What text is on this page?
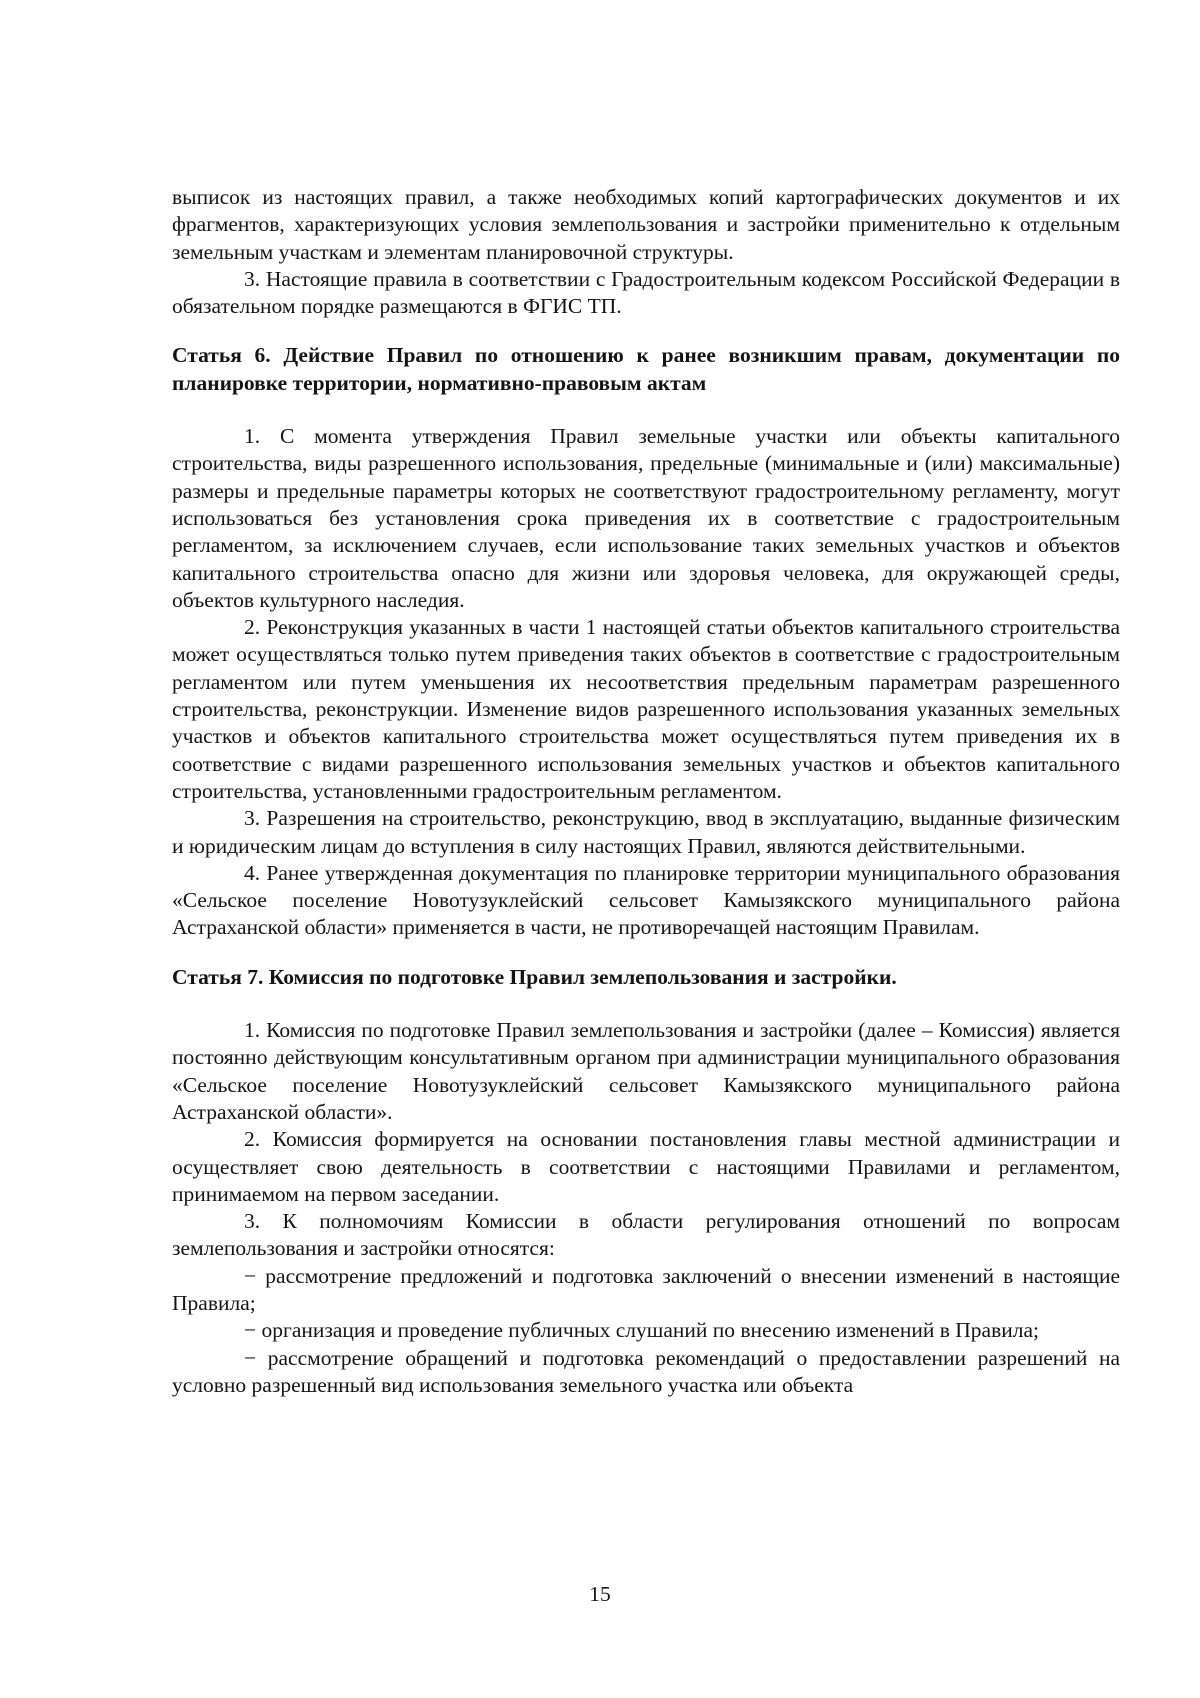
выписок из настоящих правил, а также необходимых копий картографических документов и их фрагментов, характеризующих условия землепользования и застройки применительно к отдельным земельным участкам и элементам планировочной структуры.

3. Настоящие правила в соответствии с Градостроительным кодексом Российской Федерации в обязательном порядке размещаются в ФГИС ТП.

Статья 6. Действие Правил по отношению к ранее возникшим правам, документации по планировке территории, нормативно-правовым актам

1. С момента утверждения Правил земельные участки или объекты капитального строительства, виды разрешенного использования, предельные (минимальные и (или) максимальные) размеры и предельные параметры которых не соответствуют градостроительному регламенту, могут использоваться без установления срока приведения их в соответствие с градостроительным регламентом, за исключением случаев, если использование таких земельных участков и объектов капитального строительства опасно для жизни или здоровья человека, для окружающей среды, объектов культурного наследия.

2. Реконструкция указанных в части 1 настоящей статьи объектов капитального строительства может осуществляться только путем приведения таких объектов в соответствие с градостроительным регламентом или путем уменьшения их несоответствия предельным параметрам разрешенного строительства, реконструкции. Изменение видов разрешенного использования указанных земельных участков и объектов капитального строительства может осуществляться путем приведения их в соответствие с видами разрешенного использования земельных участков и объектов капитального строительства, установленными градостроительным регламентом.

3. Разрешения на строительство, реконструкцию, ввод в эксплуатацию, выданные физическим и юридическим лицам до вступления в силу настоящих Правил, являются действительными.

4. Ранее утвержденная документация по планировке территории муниципального образования «Сельское поселение Новотузуклейский сельсовет Камызякского муниципального района Астраханской области» применяется в части, не противоречащей настоящим Правилам.

Статья 7. Комиссия по подготовке Правил землепользования и застройки.

1. Комиссия по подготовке Правил землепользования и застройки (далее – Комиссия) является постоянно действующим консультативным органом при администрации муниципального образования «Сельское поселение Новотузуклейский сельсовет Камызякского муниципального района Астраханской области».

2. Комиссия формируется на основании постановления главы местной администрации и осуществляет свою деятельность в соответствии с настоящими Правилами и регламентом, принимаемом на первом заседании.

3. К полномочиям Комиссии в области регулирования отношений по вопросам землепользования и застройки относятся:

− рассмотрение предложений и подготовка заключений о внесении изменений в настоящие Правила;

− организация и проведение публичных слушаний по внесению изменений в Правила;

− рассмотрение обращений и подготовка рекомендаций о предоставлении разрешений на условно разрешенный вид использования земельного участка или объекта

15
